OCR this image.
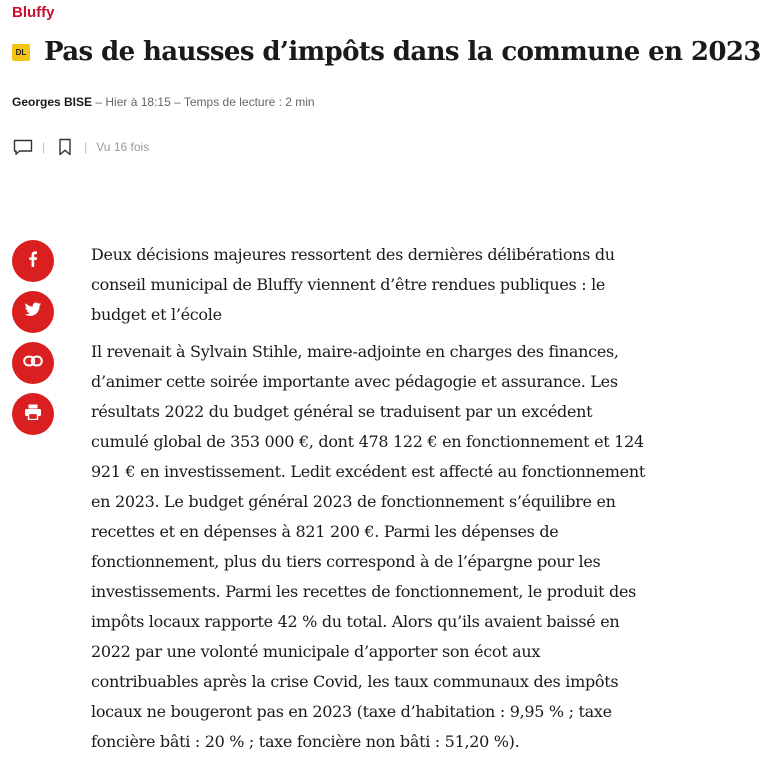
Bluffy
DL Pas de hausses d’impôts dans la commune en 2023
Georges BISE – Hier à 18:15 – Temps de lecture : 2 min
|	| Vu 16 fois

Deux décisions majeures ressortent des dernières délibérations du conseil municipal de Bluffy viennent d’être rendues publiques : le budget et l’école

Il revenait à Sylvain Stihle, maire-adjointe en charges des finances, d’animer cette soirée importante avec pédagogie et assurance. Les résultats 2022 du budget général se traduisent par un excédent cumulé global de 353 000 €, dont 478 122 € en fonctionnement et 124 921 € en investissement. Ledit excédent est affecté au fonctionnement en 2023. Le budget général 2023 de fonctionnement s’équilibre en recettes et en dépenses à 821 200 €. Parmi les dépenses de fonctionnement, plus du tiers correspond à de l’épargne pour les investissements. Parmi les recettes de fonctionnement, le produit des impôts locaux rapporte 42 % du total. Alors qu’ils avaient baissé en 2022 par une volonté municipale d’apporter son écot aux contribuables après la crise Covid, les taux communaux des impôts locaux ne bougeront pas en 2023 (taxe d’habitation : 9,95 % ; taxe foncière bâti : 20 % ; taxe foncière non bâti : 51,20 %).
